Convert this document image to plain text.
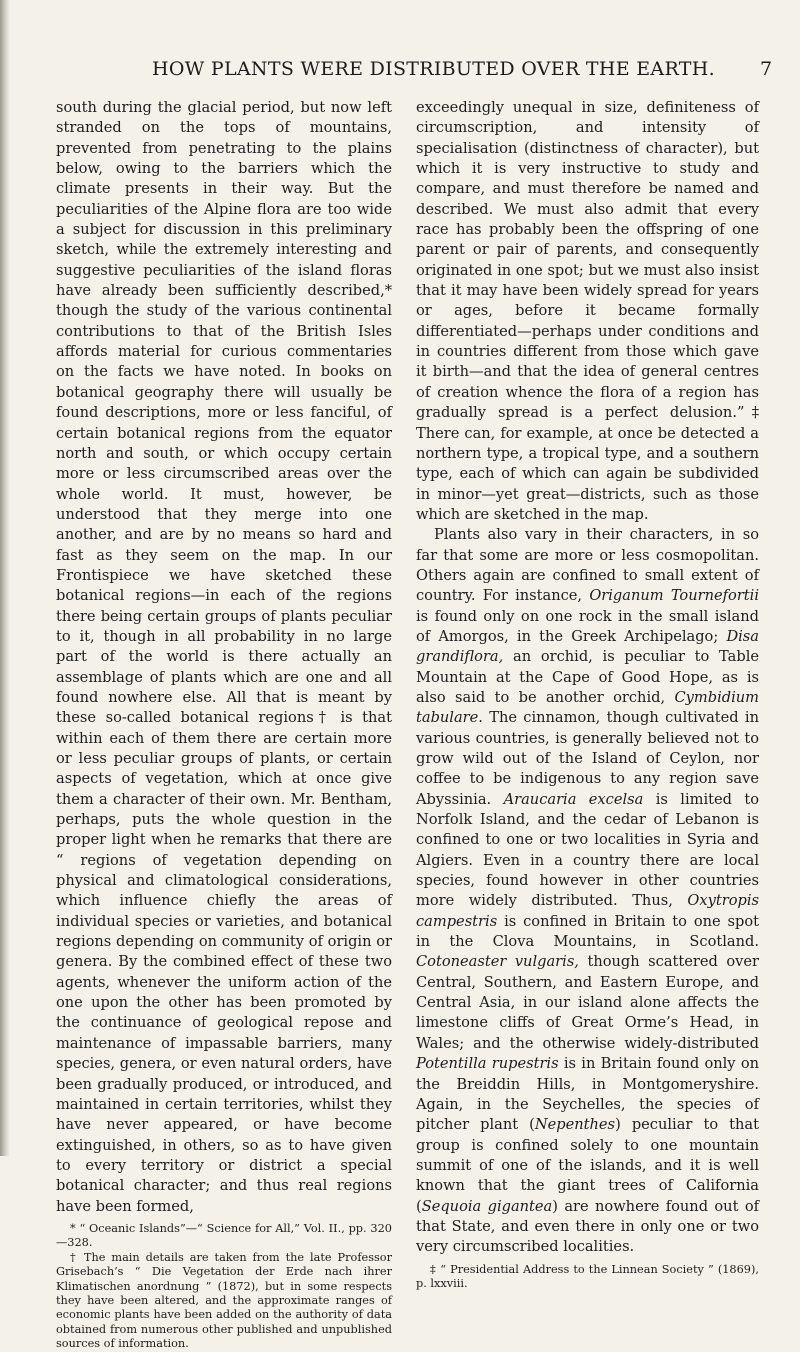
HOW PLANTS WERE DISTRIBUTED OVER THE EARTH. 7

south during the glacial period, but now left stranded on the tops of mountains, prevented from penetrating to the plains below, owing to the barriers which the climate presents in their way. But the peculiarities of the Alpine flora are too wide a subject for discussion in this preliminary sketch, while the extremely interesting and suggestive peculiarities of the island floras have already been sufficiently described,* though the study of the various continental contributions to that of the British Isles affords material for curious commentaries on the facts we have noted. In books on botanical geography there will usually be found descriptions, more or less fanciful, of certain botanical regions from the equator north and south, or which occupy certain more or less circumscribed areas over the whole world. It must, however, be understood that they merge into one another, and are by no means so hard and fast as they seem on the map. In our Frontispiece we have sketched these botanical regions—in each of the regions there being certain groups of plants peculiar to it, though in all probability in no large part of the world is there actually an assemblage of plants which are one and all found nowhere else. All that is meant by these so-called botanical regions† is that within each of them there are certain more or less peculiar groups of plants, or certain aspects of vegetation, which at once give them a character of their own. Mr. Bentham, perhaps, puts the whole question in the proper light when he remarks that there are “ regions of vegetation depending on physical and climatological considerations, which influence chiefly the areas of individual species or varieties, and botanical regions depending on community of origin or genera. By the combined effect of these two agents, whenever the uniform action of the one upon the other has been promoted by the continuance of geological repose and maintenance of impassable barriers, many species, genera, or even natural orders, have been gradually produced, or introduced, and maintained in certain territories, whilst they have never appeared, or have become extinguished, in others, so as to have given to every territory or district a special botanical character; and thus real regions have been formed,

* “ Oceanic Islands”—“ Science for All,” Vol. II., pp. 320—328.

† The main details are taken from the late Professor Grisebach’s “ Die Vegetation der Erde nach ihrer Klimatischen anordnung ” (1872), but in some respects they have been altered, and the approximate ranges of economic plants have been added on the authority of data obtained from numerous other published and unpublished sources of information.

exceedingly unequal in size, definiteness of circumscription, and intensity of specialisation (distinctness of character), but which it is very instructive to study and compare, and must therefore be named and described. We must also admit that every race has probably been the offspring of one parent or pair of parents, and consequently originated in one spot; but we must also insist that it may have been widely spread for years or ages, before it became formally differentiated—perhaps under conditions and in countries different from those which gave it birth—and that the idea of general centres of creation whence the flora of a region has gradually spread is a perfect delusion.”‡ There can, for example, at once be detected a northern type, a tropical type, and a southern type, each of which can again be subdivided in minor—yet great—districts, such as those which are sketched in the map.

Plants also vary in their characters, in so far that some are more or less cosmopolitan. Others again are confined to small extent of country. For instance, Origanum Tournefortii is found only on one rock in the small island of Amorgos, in the Greek Archipelago; Disa grandiflora, an orchid, is peculiar to Table Mountain at the Cape of Good Hope, as is also said to be another orchid, Cymbidium tabulare. The cinnamon, though cultivated in various countries, is generally believed not to grow wild out of the Island of Ceylon, nor coffee to be indigenous to any region save Abyssinia. Araucaria excelsa is limited to Norfolk Island, and the cedar of Lebanon is confined to one or two localities in Syria and Algiers. Even in a country there are local species, found however in other countries more widely distributed. Thus, Oxytropis campestris is confined in Britain to one spot in the Clova Mountains, in Scotland. Cotoneaster vulgaris, though scattered over Central, Southern, and Eastern Europe, and Central Asia, in our island alone affects the limestone cliffs of Great Orme’s Head, in Wales; and the otherwise widely-distributed Potentilla rupestris is in Britain found only on the Breiddin Hills, in Montgomeryshire. Again, in the Seychelles, the species of pitcher plant (Nepenthes) peculiar to that group is confined solely to one mountain summit of one of the islands, and it is well known that the giant trees of California (Sequoia gigantea) are nowhere found out of that State, and even there in only one or two very circumscribed localities.

‡ “ Presidential Address to the Linnean Society ” (1869), p. lxxviii.
